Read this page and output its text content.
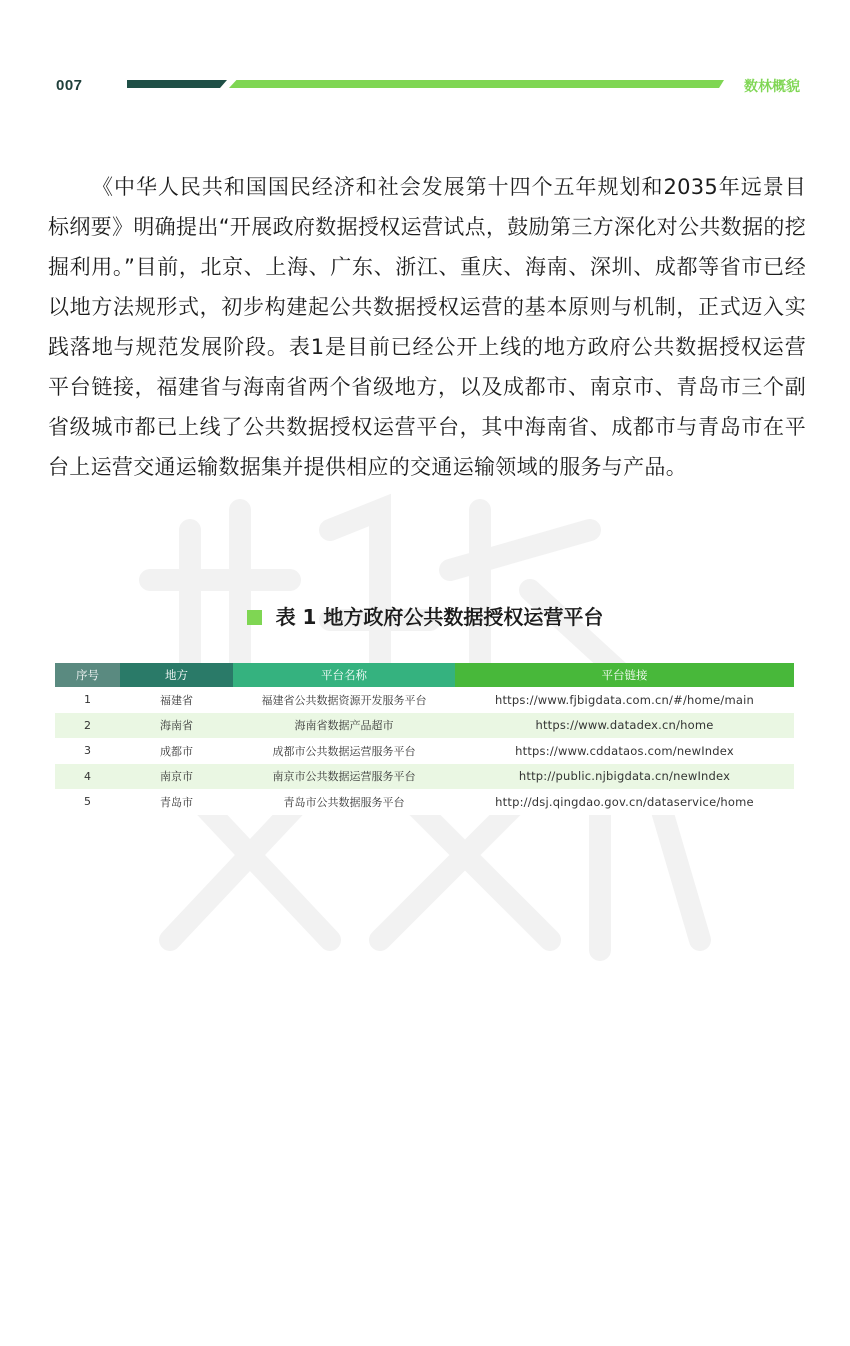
007	数林概貌

《中华人民共和国国民经济和社会发展第十四个五年规划和2035年远景目标纲要》明确提出“开展政府数据授权运营试点，鼓励第三方深化对公共数据的挖掘利用。”目前，北京、上海、广东、浙江、重庆、海南、深圳、成都等省市已经以地方法规形式，初步构建起公共数据授权运营的基本原则与机制，正式迈入实践落地与规范发展阶段。表1是目前已经公开上线的地方政府公共数据授权运营平台链接，福建省与海南省两个省级地方，以及成都市、南京市、青岛市三个副省级城市都已上线了公共数据授权运营平台，其中海南省、成都市与青岛市在平台上运营交通运输数据集并提供相应的交通运输领域的服务与产品。

表 1 地方政府公共数据授权运营平台
序号	地方	平台名称	平台链接
1	福建省	福建省公共数据资源开发服务平台	https://www.fjbigdata.com.cn/#/home/main
2	海南省	海南省数据产品超市	https://www.datadex.cn/home
3	成都市	成都市公共数据运营服务平台	https://www.cddataos.com/newIndex
4	南京市	南京市公共数据运营服务平台	http://public.njbigdata.cn/newIndex
5	青岛市	青岛市公共数据服务平台	http://dsj.qingdao.gov.cn/dataservice/home
